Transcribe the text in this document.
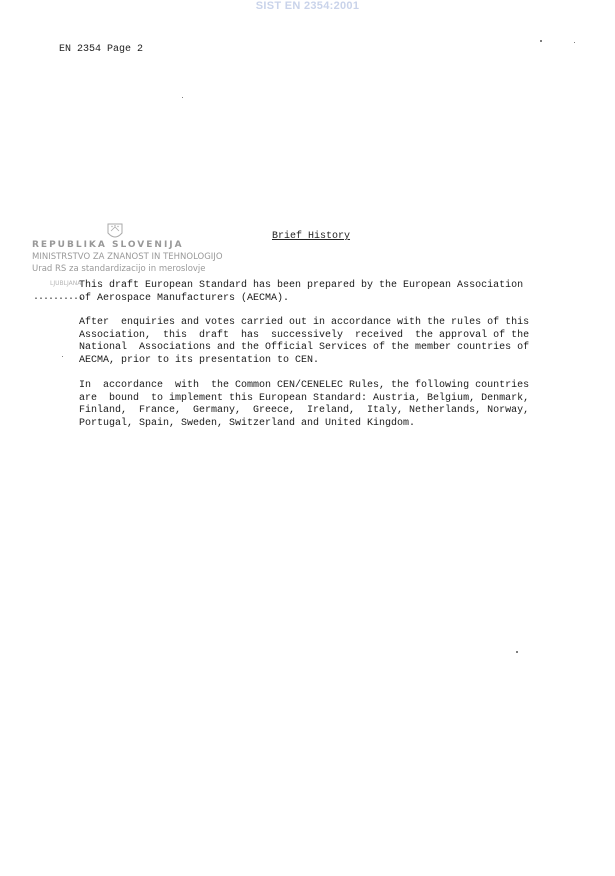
SIST EN 2354:2001
EN 2354 Page 2
REPUBLIKA SLOVENIJA
MINISTRSTVO ZA ZNANOST IN TEHNOLOGIJO
Urad RS za standardizacijo in meroslovje
LJUBLJANA
Brief History
..........
This draft European Standard has been prepared by the European Association
of Aerospace Manufacturers (AECMA).
After  enquiries and votes carried out in accordance with the rules of this
Association,  this  draft  has  successively  received  the approval of the
National  Associations and the Official Services of the member countries of
AECMA, prior to its presentation to CEN.
In  accordance  with  the Common CEN/CENELEC Rules, the following countries
are  bound  to implement this European Standard: Austria, Belgium, Denmark,
Finland,  France,  Germany,  Greece,  Ireland,  Italy, Netherlands, Norway,
Portugal, Spain, Sweden, Switzerland and United Kingdom.
